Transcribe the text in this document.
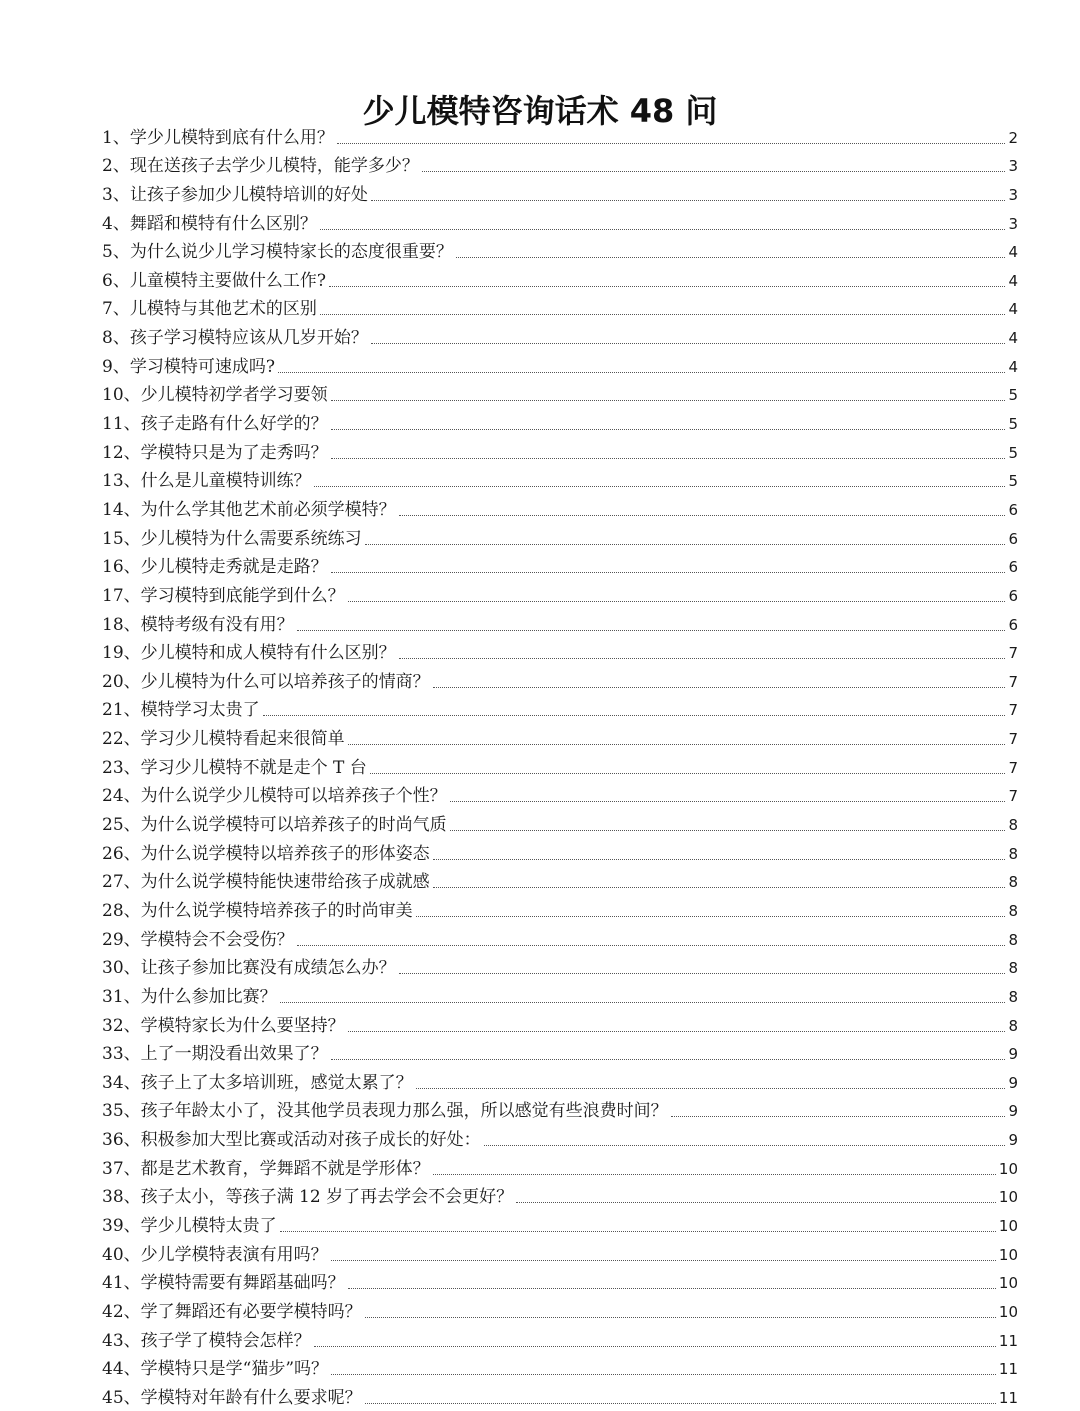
少儿模特咨询话术 48 问
1、学少儿模特到底有什么用？	2
2、现在送孩子去学少儿模特，能学多少？	3
3、让孩子参加少儿模特培训的好处	3
4、舞蹈和模特有什么区别？	3
5、为什么说少儿学习模特家长的态度很重要？	4
6、儿童模特主要做什么工作?	4
7、儿模特与其他艺术的区别	4
8、孩子学习模特应该从几岁开始？	4
9、学习模特可速成吗?	4
10、少儿模特初学者学习要领	5
11、孩子走路有什么好学的？	5
12、学模特只是为了走秀吗？	5
13、什么是儿童模特训练？	5
14、为什么学其他艺术前必须学模特？	6
15、少儿模特为什么需要系统练习	6
16、少儿模特走秀就是走路？	6
17、学习模特到底能学到什么？	6
18、模特考级有没有用？	6
19、少儿模特和成人模特有什么区别？	7
20、少儿模特为什么可以培养孩子的情商？	7
21、模特学习太贵了	7
22、学习少儿模特看起来很简单	7
23、学习少儿模特不就是走个 T 台	7
24、为什么说学少儿模特可以培养孩子个性？	7
25、为什么说学模特可以培养孩子的时尚气质	8
26、为什么说学模特以培养孩子的形体姿态	8
27、为什么说学模特能快速带给孩子成就感	8
28、为什么说学模特培养孩子的时尚审美	8
29、学模特会不会受伤？	8
30、让孩子参加比赛没有成绩怎么办？	8
31、为什么参加比赛？	8
32、学模特家长为什么要坚持？	8
33、上了一期没看出效果了？	9
34、孩子上了太多培训班，感觉太累了？	9
35、孩子年龄太小了，没其他学员表现力那么强，所以感觉有些浪费时间？	9
36、积极参加大型比赛或活动对孩子成长的好处：	9
37、都是艺术教育，学舞蹈不就是学形体？	10
38、孩子太小，等孩子满 12 岁了再去学会不会更好？	10
39、学少儿模特太贵了	10
40、少儿学模特表演有用吗？	10
41、学模特需要有舞蹈基础吗？	10
42、学了舞蹈还有必要学模特吗？	10
43、孩子学了模特会怎样？	11
44、学模特只是学“猫步”吗？	11
45、学模特对年龄有什么要求呢？	11
